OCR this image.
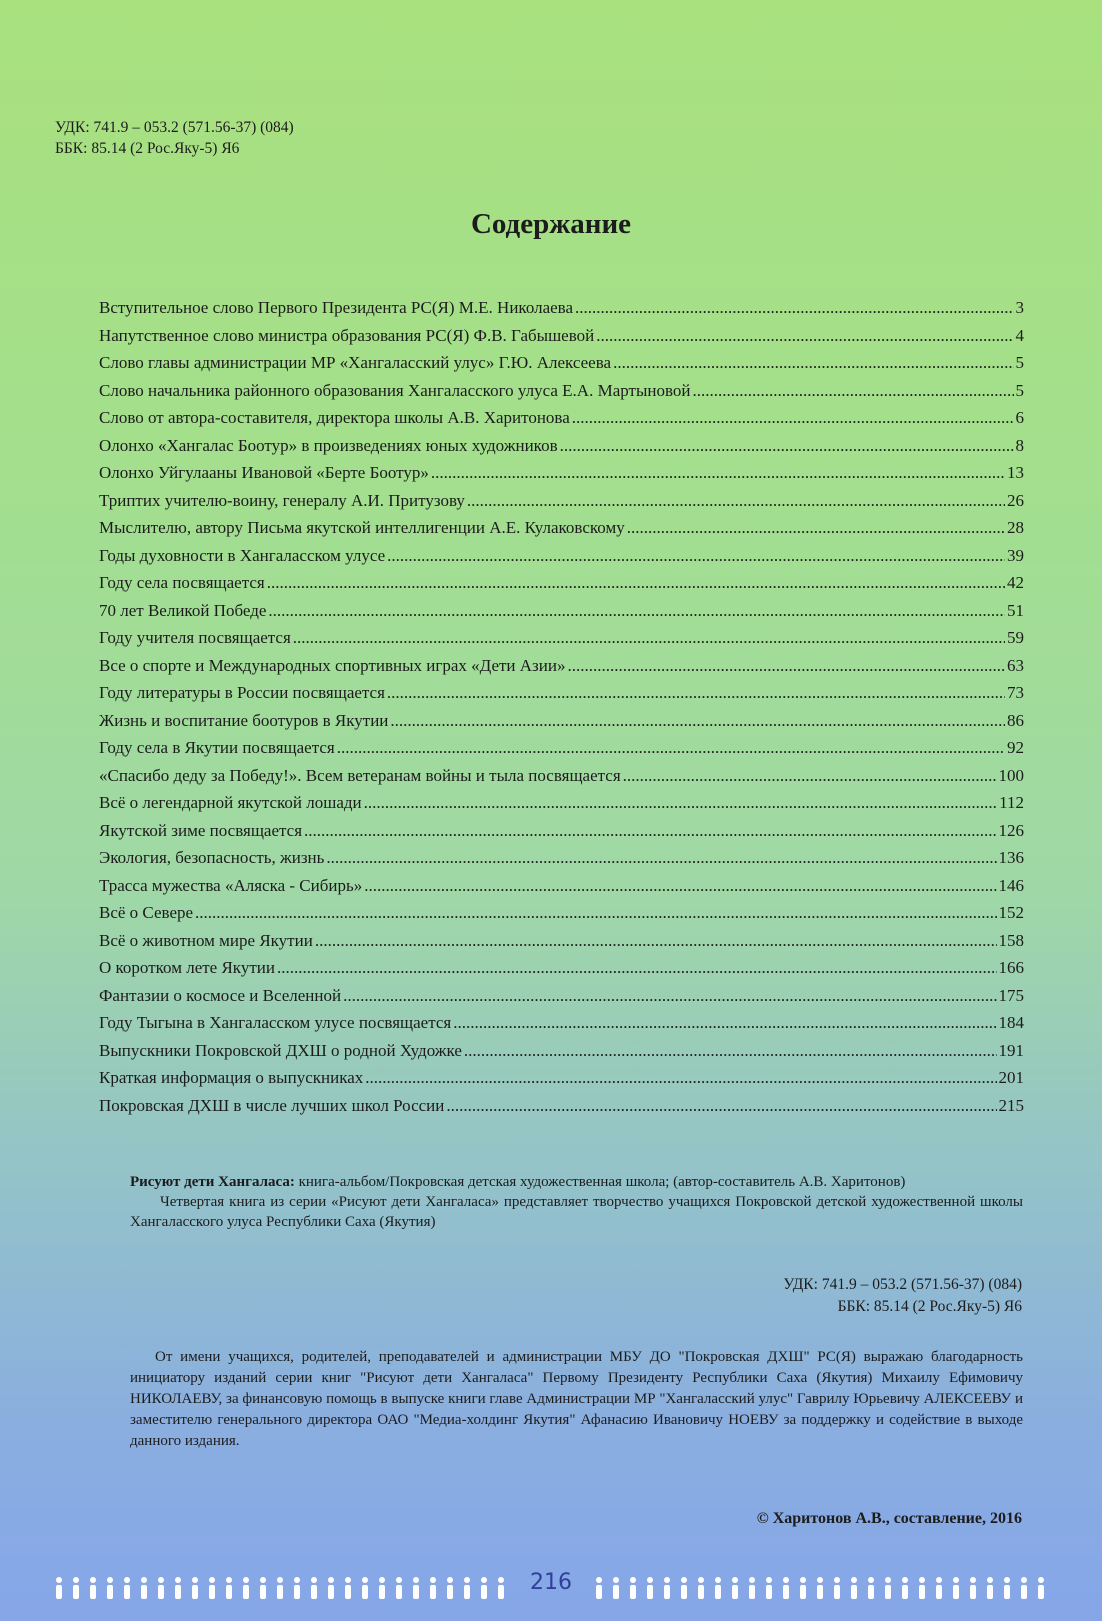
УДК: 741.9 – 053.2 (571.56-37) (084)
ББК: 85.14 (2 Рос.Яку-5) Я6
Содержание
Вступительное слово Первого Президента РС(Я) М.Е. Николаева .....	3
Напутственное слово министра образования РС(Я) Ф.В. Габышевой .....	4
Слово главы администрации МР «Хангаласский улус» Г.Ю. Алексеева .....	5
Слово начальника районного образования Хангаласского улуса Е.А. Мартыновой .....	5
Слово от автора-составителя, директора школы А.В. Харитонова .....	6
Олонхо «Хангалас Боотур» в произведениях юных художников .....	8
Олонхо Уйгулааны Ивановой «Берте Боотур» .....	13
Триптих учителю-воину, генералу А.И. Притузову .....	26
Мыслителю, автору Письма якутской интеллигенции А.Е. Кулаковскому .....	28
Годы духовности в Хангаласском улусе .....	39
Году села посвящается .....	42
70 лет Великой Победе .....	51
Году учителя посвящается .....	59
Все о спорте и Международных спортивных играх «Дети Азии» .....	63
Году литературы в России посвящается .....	73
Жизнь и воспитание боотуров в Якутии .....	86
Году села в Якутии посвящается .....	92
«Спасибо деду за Победу!». Всем ветеранам войны и тыла посвящается .....	100
Всё о легендарной якутской лошади .....	112
Якутской зиме посвящается .....	126
Экология, безопасность, жизнь .....	136
Трасса мужества «Аляска - Сибирь» .....	146
Всё о Севере .....	152
Всё о животном мире Якутии .....	158
О коротком лете Якутии .....	166
Фантазии о космосе и Вселенной .....	175
Году Тыгына в Хангаласском улусе посвящается .....	184
Выпускники Покровской ДХШ о родной Художке .....	191
Краткая информация о выпускниках .....	201
Покровская ДХШ в числе лучших школ России .....	215
Рисуют дети Хангаласа: книга-альбом/Покровская детская художественная школа; (автор-составитель А.В. Харитонов)
Четвертая книга из серии «Рисуют дети Хангаласа» представляет творчество учащихся Покровской детской художественной школы Хангаласского улуса Республики Саха (Якутия)
УДК: 741.9 – 053.2 (571.56-37) (084)
ББК: 85.14 (2 Рос.Яку-5) Я6
От имени учащихся, родителей, преподавателей и администрации МБУ ДО "Покровская ДХШ" РС(Я) выражаю благодарность инициатору изданий серии книг "Рисуют дети Хангаласа" Первому Президенту Республики Саха (Якутия) Михаилу Ефимовичу НИКОЛАЕВУ, за финансовую помощь в выпуске книги главе Администрации МР "Хангаласский улус" Гаврилу Юрьевичу АЛЕКСЕЕВУ и заместителю генерального директора ОАО "Медиа-холдинг Якутия" Афанасию Ивановичу НОЕВУ за поддержку и содействие в выходе данного издания.
© Харитонов А.В., составление, 2016
216
